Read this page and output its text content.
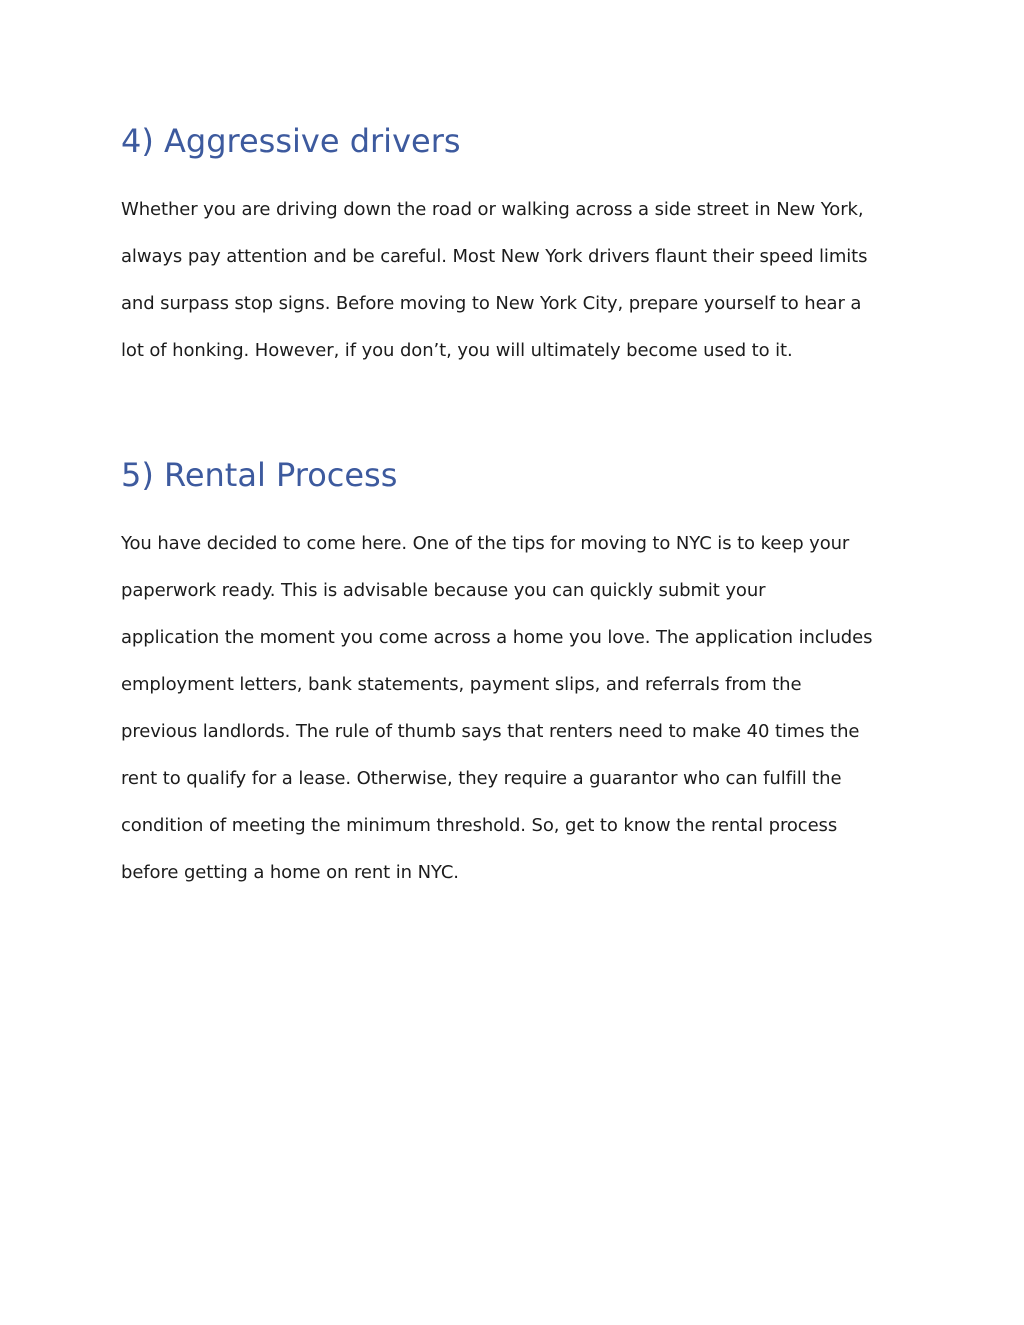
4) Aggressive drivers
Whether you are driving down the road or walking across a side street in New York,
always pay attention and be careful. Most New York drivers flaunt their speed limits
and surpass stop signs. Before moving to New York City, prepare yourself to hear a
lot of honking. However, if you don’t, you will ultimately become used to it.
5) Rental Process
You have decided to come here. One of the tips for moving to NYC is to keep your
paperwork ready. This is advisable because you can quickly submit your
application the moment you come across a home you love. The application includes
employment letters, bank statements, payment slips, and referrals from the
previous landlords. The rule of thumb says that renters need to make 40 times the
rent to qualify for a lease. Otherwise, they require a guarantor who can fulfill the
condition of meeting the minimum threshold. So, get to know the rental process
before getting a home on rent in NYC.
